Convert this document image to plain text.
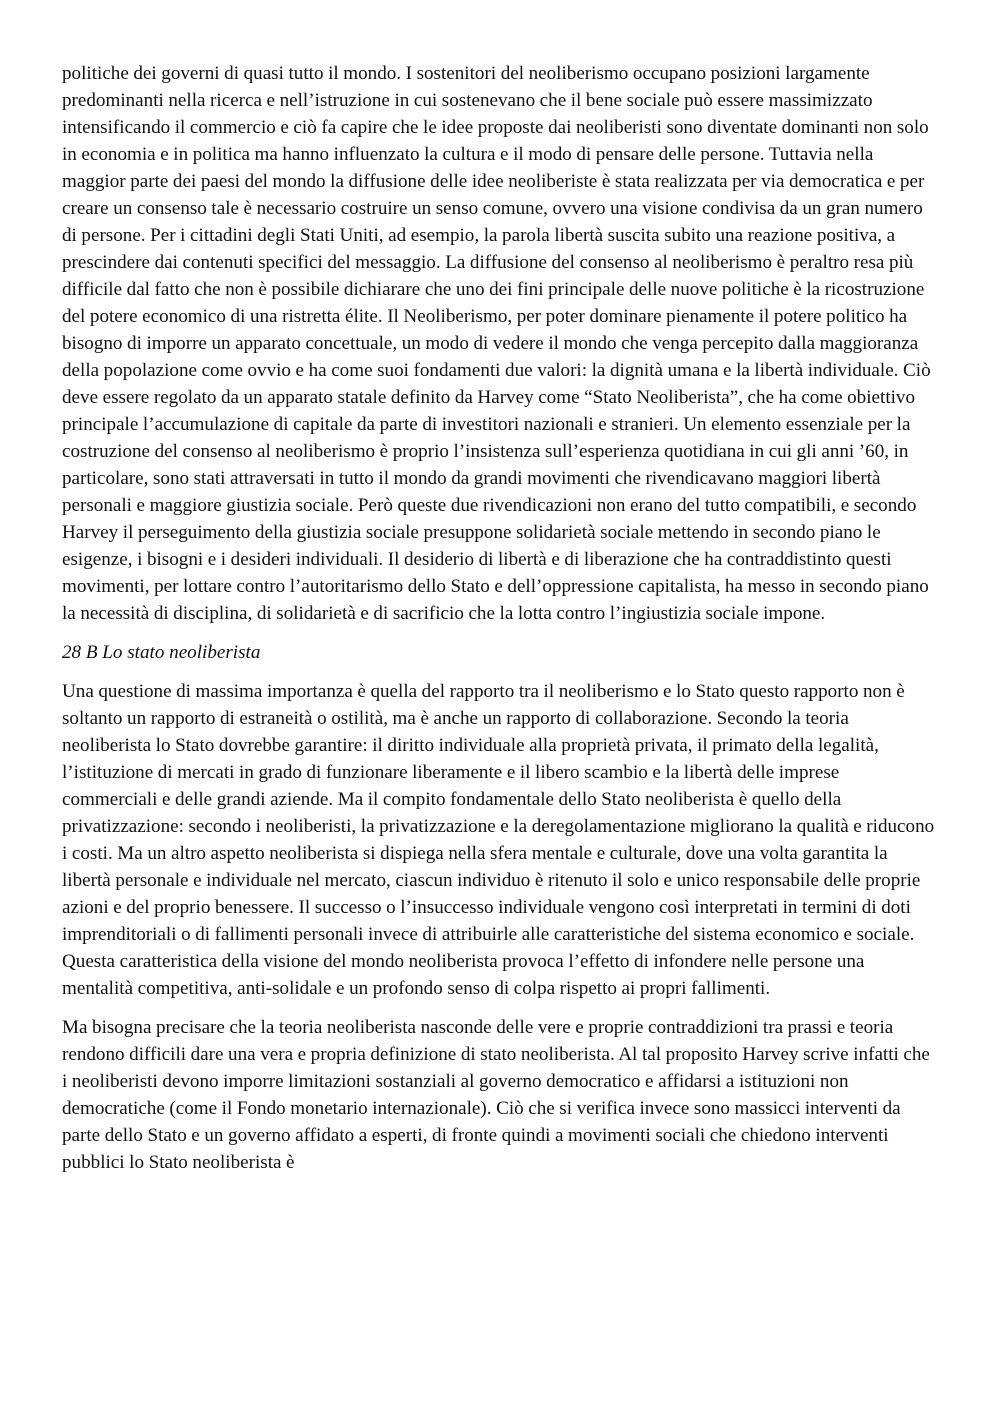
politiche dei governi di quasi tutto il mondo. I sostenitori del neoliberismo occupano posizioni largamente predominanti nella ricerca e nell’istruzione in cui sostenevano che il bene sociale può essere massimizzato intensificando il commercio e ciò fa capire che le idee proposte dai neoliberisti sono diventate dominanti non solo in economia e in politica ma hanno influenzato la cultura e il modo di pensare delle persone. Tuttavia nella maggior parte dei paesi del mondo la diffusione delle idee neoliberiste è stata realizzata per via democratica e per creare un consenso tale è necessario costruire un senso comune, ovvero una visione condivisa da un gran numero di persone. Per i cittadini degli Stati Uniti, ad esempio, la parola libertà suscita subito una reazione positiva, a prescindere dai contenuti specifici del messaggio. La diffusione del consenso al neoliberismo è peraltro resa più difficile dal fatto che non è possibile dichiarare che uno dei fini principale delle nuove politiche è la ricostruzione del potere economico di una ristretta élite. Il Neoliberismo, per poter dominare pienamente il potere politico ha bisogno di imporre un apparato concettuale, un modo di vedere il mondo che venga percepito dalla maggioranza della popolazione come ovvio e ha come suoi fondamenti due valori: la dignità umana e la libertà individuale. Ciò deve essere regolato da un apparato statale definito da Harvey come “Stato Neoliberista”, che ha come obiettivo principale l’accumulazione di capitale da parte di investitori nazionali e stranieri. Un elemento essenziale per la costruzione del consenso al neoliberismo è proprio l’insistenza sull’esperienza quotidiana in cui gli anni ’60, in particolare, sono stati attraversati in tutto il mondo da grandi movimenti che rivendicavano maggiori libertà personali e maggiore giustizia sociale. Però queste due rivendicazioni non erano del tutto compatibili, e secondo Harvey il perseguimento della giustizia sociale presuppone solidarietà sociale mettendo in secondo piano le esigenze, i bisogni e i desideri individuali. Il desiderio di libertà e di liberazione che ha contraddistinto questi movimenti, per lottare contro l’autoritarismo dello Stato e dell’oppressione capitalista, ha messo in secondo piano la necessità di disciplina, di solidarietà e di sacrificio che la lotta contro l’ingiustizia sociale impone.

28 B Lo stato neoliberista

Una questione di massima importanza è quella del rapporto tra il neoliberismo e lo Stato questo rapporto non è soltanto un rapporto di estraneità o ostilità, ma è anche un rapporto di collaborazione. Secondo la teoria neoliberista lo Stato dovrebbe garantire: il diritto individuale alla proprietà privata, il primato della legalità, l’istituzione di mercati in grado di funzionare liberamente e il libero scambio e la libertà delle imprese commerciali e delle grandi aziende. Ma il compito fondamentale dello Stato neoliberista è quello della privatizzazione: secondo i neoliberisti, la privatizzazione e la deregolamentazione migliorano la qualità e riducono i costi. Ma un altro aspetto neoliberista si dispiega nella sfera mentale e culturale, dove una volta garantita la libertà personale e individuale nel mercato, ciascun individuo è ritenuto il solo e unico responsabile delle proprie azioni e del proprio benessere. Il successo o l’insuccesso individuale vengono così interpretati in termini di doti imprenditoriali o di fallimenti personali invece di attribuirle alle caratteristiche del sistema economico e sociale. Questa caratteristica della visione del mondo neoliberista provoca l’effetto di infondere nelle persone una mentalità competitiva, anti-solidale e un profondo senso di colpa rispetto ai propri fallimenti.

Ma bisogna precisare che la teoria neoliberista nasconde delle vere e proprie contraddizioni tra prassi e teoria rendono difficili dare una vera e propria definizione di stato neoliberista. Al tal proposito Harvey scrive infatti che i neoliberisti devono imporre limitazioni sostanziali al governo democratico e affidarsi a istituzioni non democratiche (come il Fondo monetario internazionale). Ciò che si verifica invece sono massicci interventi da parte dello Stato e un governo affidato a esperti, di fronte quindi a movimenti sociali che chiedono interventi pubblici lo Stato neoliberista è
